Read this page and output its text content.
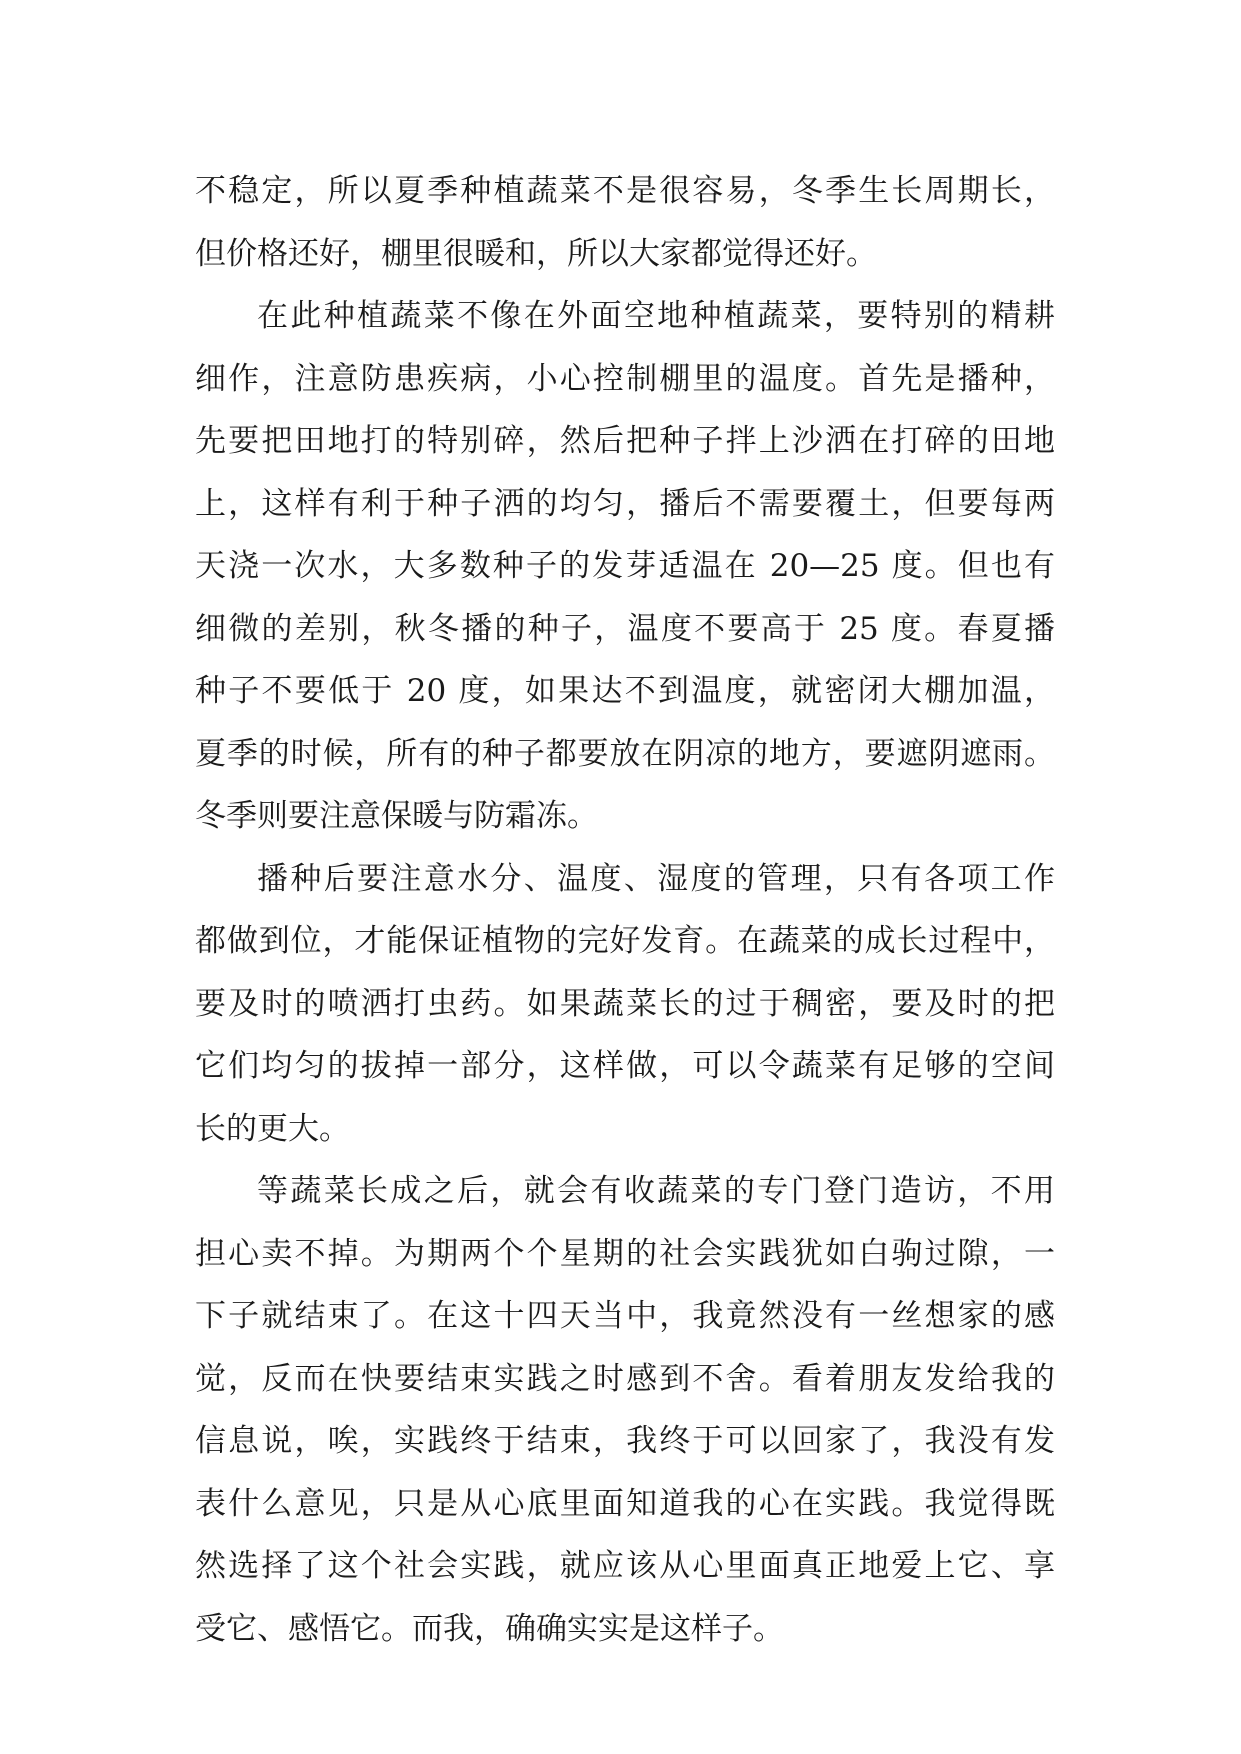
不稳定，所以夏季种植蔬菜不是很容易，冬季生长周期长，
但价格还好，棚里很暖和，所以大家都觉得还好。
在此种植蔬菜不像在外面空地种植蔬菜，要特别的精耕
细作，注意防患疾病，小心控制棚里的温度。首先是播种，
先要把田地打的特别碎，然后把种子拌上沙洒在打碎的田地
上，这样有利于种子洒的均匀，播后不需要覆土，但要每两
天浇一次水，大多数种子的发芽适温在 20—25 度。但也有
细微的差别，秋冬播的种子，温度不要高于 25 度。春夏播
种子不要低于 20 度，如果达不到温度，就密闭大棚加温，
夏季的时候，所有的种子都要放在阴凉的地方，要遮阴遮雨。
冬季则要注意保暖与防霜冻。
播种后要注意水分、温度、湿度的管理，只有各项工作
都做到位，才能保证植物的完好发育。在蔬菜的成长过程中，
要及时的喷洒打虫药。如果蔬菜长的过于稠密，要及时的把
它们均匀的拔掉一部分，这样做，可以令蔬菜有足够的空间
长的更大。
等蔬菜长成之后，就会有收蔬菜的专门登门造访，不用
担心卖不掉。为期两个个星期的社会实践犹如白驹过隙，一
下子就结束了。在这十四天当中，我竟然没有一丝想家的感
觉，反而在快要结束实践之时感到不舍。看着朋友发给我的
信息说，唉，实践终于结束，我终于可以回家了，我没有发
表什么意见，只是从心底里面知道我的心在实践。我觉得既
然选择了这个社会实践，就应该从心里面真正地爱上它、享
受它、感悟它。而我，确确实实是这样子。
